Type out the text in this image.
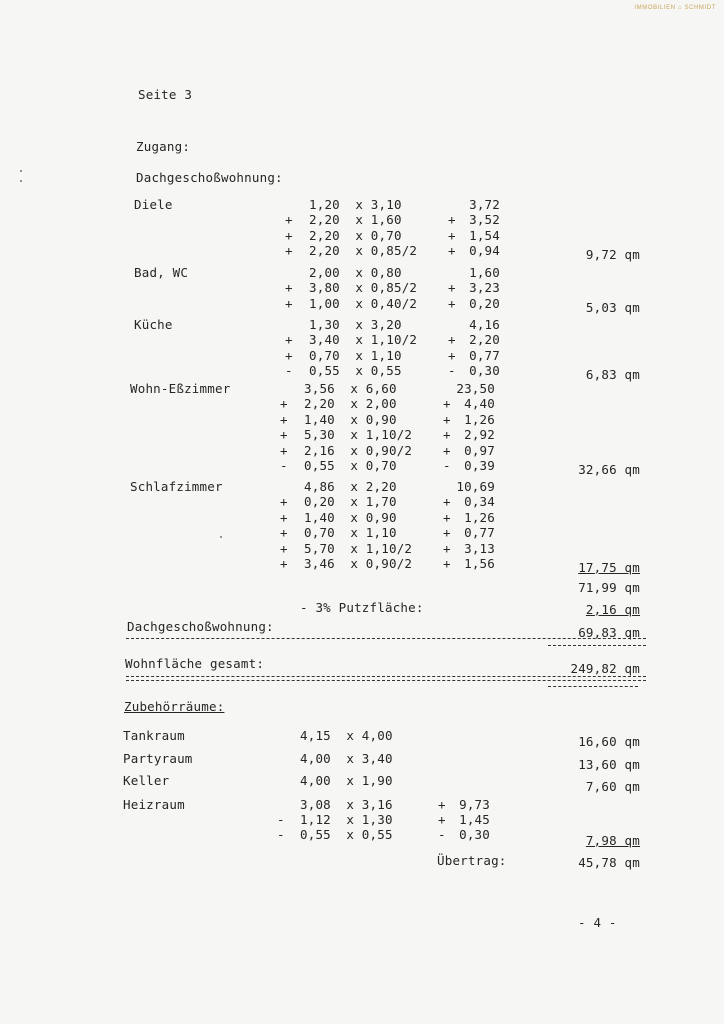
IMMOBILIEN ⌂ SCHMIDT
Seite 3
Zugang:
Dachgeschoßwohnung:
Diele	1,20  x 3,10	3,72
+ 2,20  x 1,60	+	3,52
+ 2,20  x 0,70	+	1,54
+ 2,20  x 0,85/2 +	0,94	9,72 qm
Bad, WC	2,00  x 0,80	1,60
+ 3,80  x 0,85/2 +	3,23
+ 1,00  x 0,40/2 +	0,20	5,03 qm
Küche	1,30  x 3,20	4,16
+ 3,40  x 1,10/2 +	2,20
+ 0,70  x 1,10	+	0,77
- 0,55  x 0,55	-	0,30	6,83 qm
Wohn-Eßzimmer	3,56  x 6,60	23,50
+ 2,20  x 2,00	+	4,40
+ 1,40  x 0,90	+	1,26
+ 5,30  x 1,10/2 +	2,92
+ 2,16  x 0,90/2 +	0,97
- 0,55  x 0,70	-	0,39	32,66 qm
Schlafzimmer	4,86  x 2,20	10,69
+ 0,20  x 1,70	+	0,34
+ 1,40  x 0,90	+	1,26
+ 0,70  x 1,10	+	0,77
+ 5,70  x 1,10/2 +	3,13
+ 3,46  x 0,90/2 +	1,56	17,75 qm
71,99 qm
- 3% Putzfläche:	2,16 qm
Dachgeschoßwohnung:	69,83 qm
Wohnfläche gesamt:	249,82 qm
Zubehörräume:
Tankraum	4,15  x 4,00	16,60 qm
Partyraum	4,00  x 3,40	13,60 qm
Keller	4,00  x 1,90	7,60 qm
Heizraum	3,08  x 3,16	+	9,73
- 1,12  x 1,30	+	1,45
- 0,55  x 0,55	-	0,30	7,98 qm
Übertrag:	45,78 qm
- 4 -
